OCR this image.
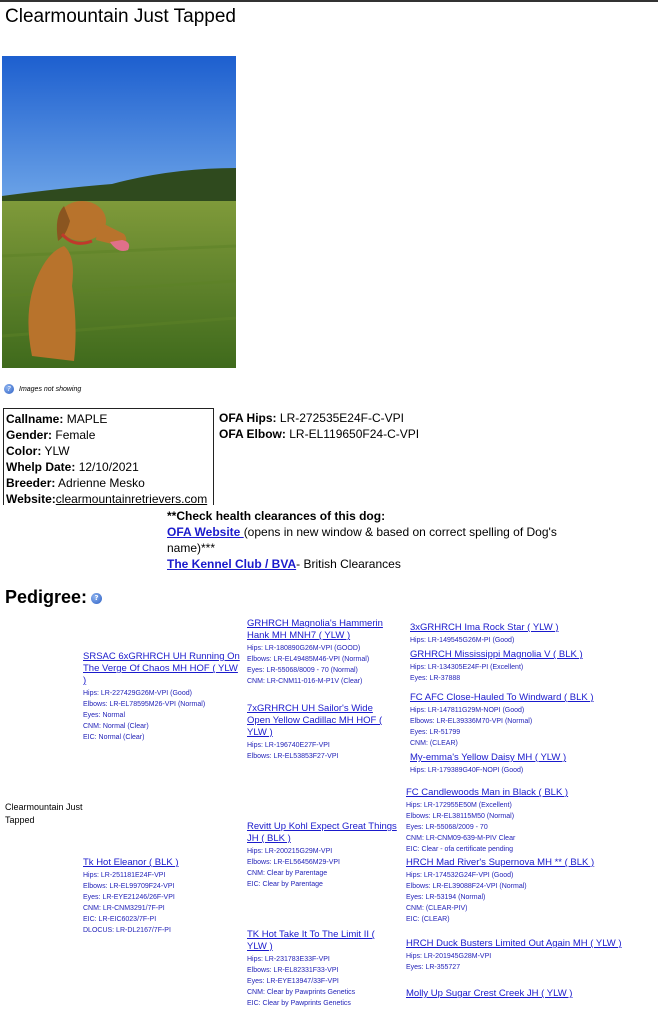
Clearmountain Just Tapped
? Images not showing
Callname: MAPLE
Gender: Female
Color: YLW
Whelp Date: 12/10/2021
Breeder: Adrienne Mesko
Website:clearmountainretrievers.com
OFA Hips: LR-272535E24F-C-VPI
OFA Elbow: LR-EL119650F24-C-VPI
**Check health clearances of this dog:
OFA Website (opens in new window & based on correct spelling of Dog's name)***
The Kennel Club / BVA- British Clearances
Pedigree: ?
Clearmountain Just Tapped
SRSAC 6xGRHRCH UH Running On The Verge Of Chaos MH HOF ( YLW )
Hips: LR-227429G26M-VPI (Good)
Elbows: LR-EL78595M26-VPI (Normal)
Eyes: Normal
CNM: Normal (Clear)
EIC: Normal (Clear)
Tk Hot Eleanor ( BLK )
Hips: LR-251181E24F-VPI
Elbows: LR-EL99709F24-VPI
Eyes: LR-EYE21246/26F-VPI
CNM: LR-CNM3291/7F-PI
EIC: LR-EIC6023/7F-PI
DLOCUS: LR-DL2167/7F-PI
GRHRCH Magnolia's Hammerin Hank MH MNH7 ( YLW )
Hips: LR-180890G26M-VPI (GOOD)
Elbows: LR-EL49485M46-VPI (Normal)
Eyes: LR-55068/8009 - 70 (Normal)
CNM: LR-CNM11-016-M-P1V (Clear)
7xGRHRCH UH Sailor's Wide Open Yellow Cadillac MH HOF ( YLW )
Hips: LR-196740E27F-VPI
Elbows: LR-EL53853F27-VPI
Revitt Up Kohl Expect Great Things JH ( BLK )
Hips: LR-200215G29M-VPI
Elbows: LR-EL56456M29-VPI
CNM: Clear by Parentage
EIC: Clear by Parentage
TK Hot Take It To The Limit II ( YLW )
Hips: LR-231783E33F-VPI
Elbows: LR-EL82331F33-VPI
Eyes: LR-EYE13947/33F-VPI
CNM: Clear by Pawprints Genetics
EIC: Clear by Pawprints Genetics
3xGRHRCH Ima Rock Star ( YLW )
Hips: LR-149545G26M-PI (Good)
GRHRCH Mississippi Magnolia V ( BLK )
Hips: LR-134305E24F-PI (Excellent)
Eyes: LR-37888
FC AFC Close-Hauled To Windward ( BLK )
Hips: LR-147811G29M-NOPI (Good)
Elbows: LR-EL39336M70-VPI (Normal)
Eyes: LR-51799
CNM: (CLEAR)
My-emma's Yellow Daisy MH ( YLW )
Hips: LR-179389G40F-NOPI (Good)
FC Candlewoods Man in Black ( BLK )
Hips: LR-172955E50M (Excellent)
Elbows: LR-EL38115M50 (Normal)
Eyes: LR-55068/2009 - 70
CNM: LR-CNM09-639-M-PIV Clear
EIC: Clear - ofa certificate pending
HRCH Mad River's Supernova MH ** ( BLK )
Hips: LR-174532G24F-VPI (Good)
Elbows: LR-EL39088F24-VPI (Normal)
Eyes: LR-53194 (Normal)
CNM: (CLEAR-PIV)
EIC: (CLEAR)
HRCH Duck Busters Limited Out Again MH ( YLW )
Hips: LR-201945G28M-VPI
Eyes: LR-355727
Molly Up Sugar Crest Creek JH ( YLW )
